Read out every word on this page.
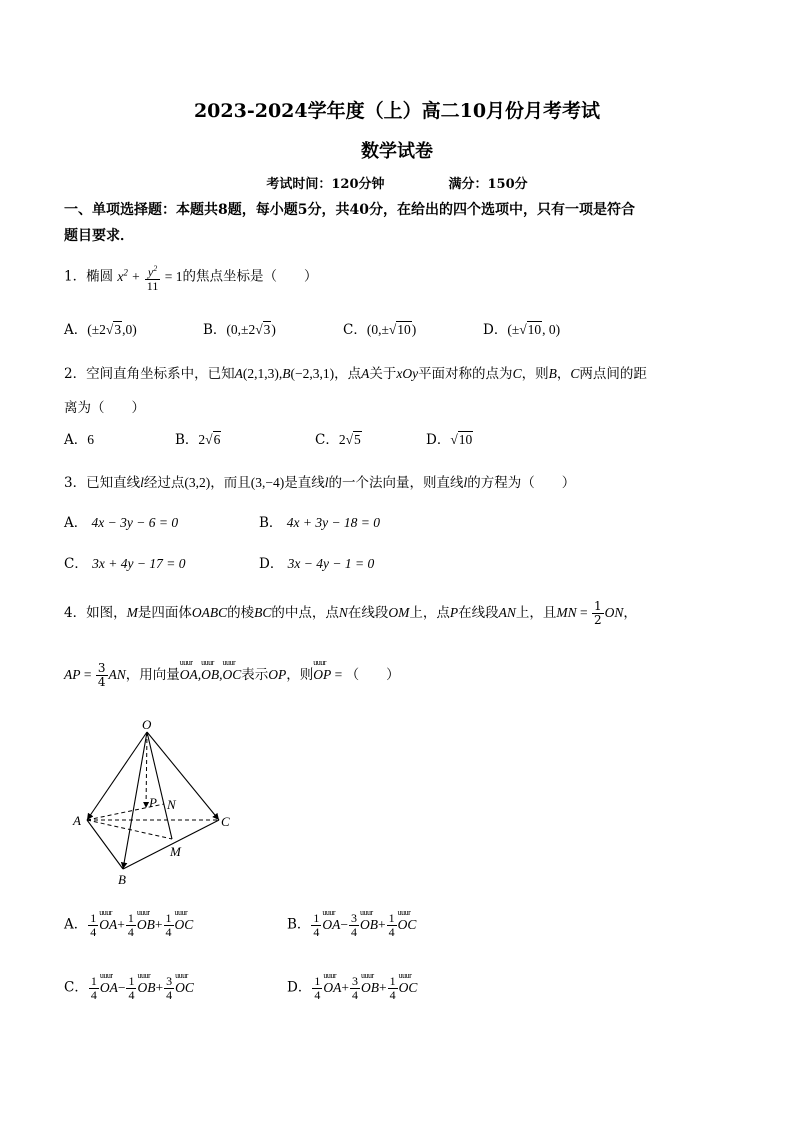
2023-2024学年度（上）高二10月份月考考试
数学试卷
考试时间：120分钟	满分：150分
一、单项选择题：本题共8题，每小题5分，共40分，在给出的四个选项中，只有一项是符合
题目要求．
1．椭圆 $x^2 + \frac{y^2}{11} = 1$的焦点坐标是（　　）
A．(±2√3,0)	B．(0,±2√3)	C．(0,±√10)	D．(±√10, 0)
2．空间直角坐标系中，已知A(2,1,3),B(−2,3,1)，点A关于xOy平面对称的点为C，则B，C两点间的距
离为（　　）
A．6	B．2√6	C．2√5	D．√10
3．已知直线l经过点(3,2)，而且(3,−4)是直线l的一个法向量，则直线l的方程为（　　）
A． 4x − 3y − 6 = 0	B． 4x + 3y − 18 = 0
C． 3x + 4y − 17 = 0	D． 3x − 4y − 1 = 0
4．如图，M是四面体OABC的棱BC的中点，点N在线段OM上，点P在线段AN上，且MN = $\frac{1}{2}$ ON，
AP = $\frac{3}{4}$ AN，用向量uuur OA,uuur OB,uuur OC表示OP，则uuur OP = （　　）
O
A
B
C
M
N
P
A． $\frac{1}{4}$ uuur $OA+ \frac{1}{4}$ uuur $OB+ \frac{1}{4}$ uuur OC	B． $\frac{1}{4}$ uuur $OA- \frac{3}{4}$ uuur $OB+ \frac{1}{4}$ uuur OC
C． $\frac{1}{4}$ uuur $OA- \frac{1}{4}$ uuur $OB+ \frac{3}{4}$ uuur OC	D． $\frac{1}{4}$ uuur $OA+ \frac{3}{4}$ uuur $OB+ \frac{1}{4}$ uuur OC
